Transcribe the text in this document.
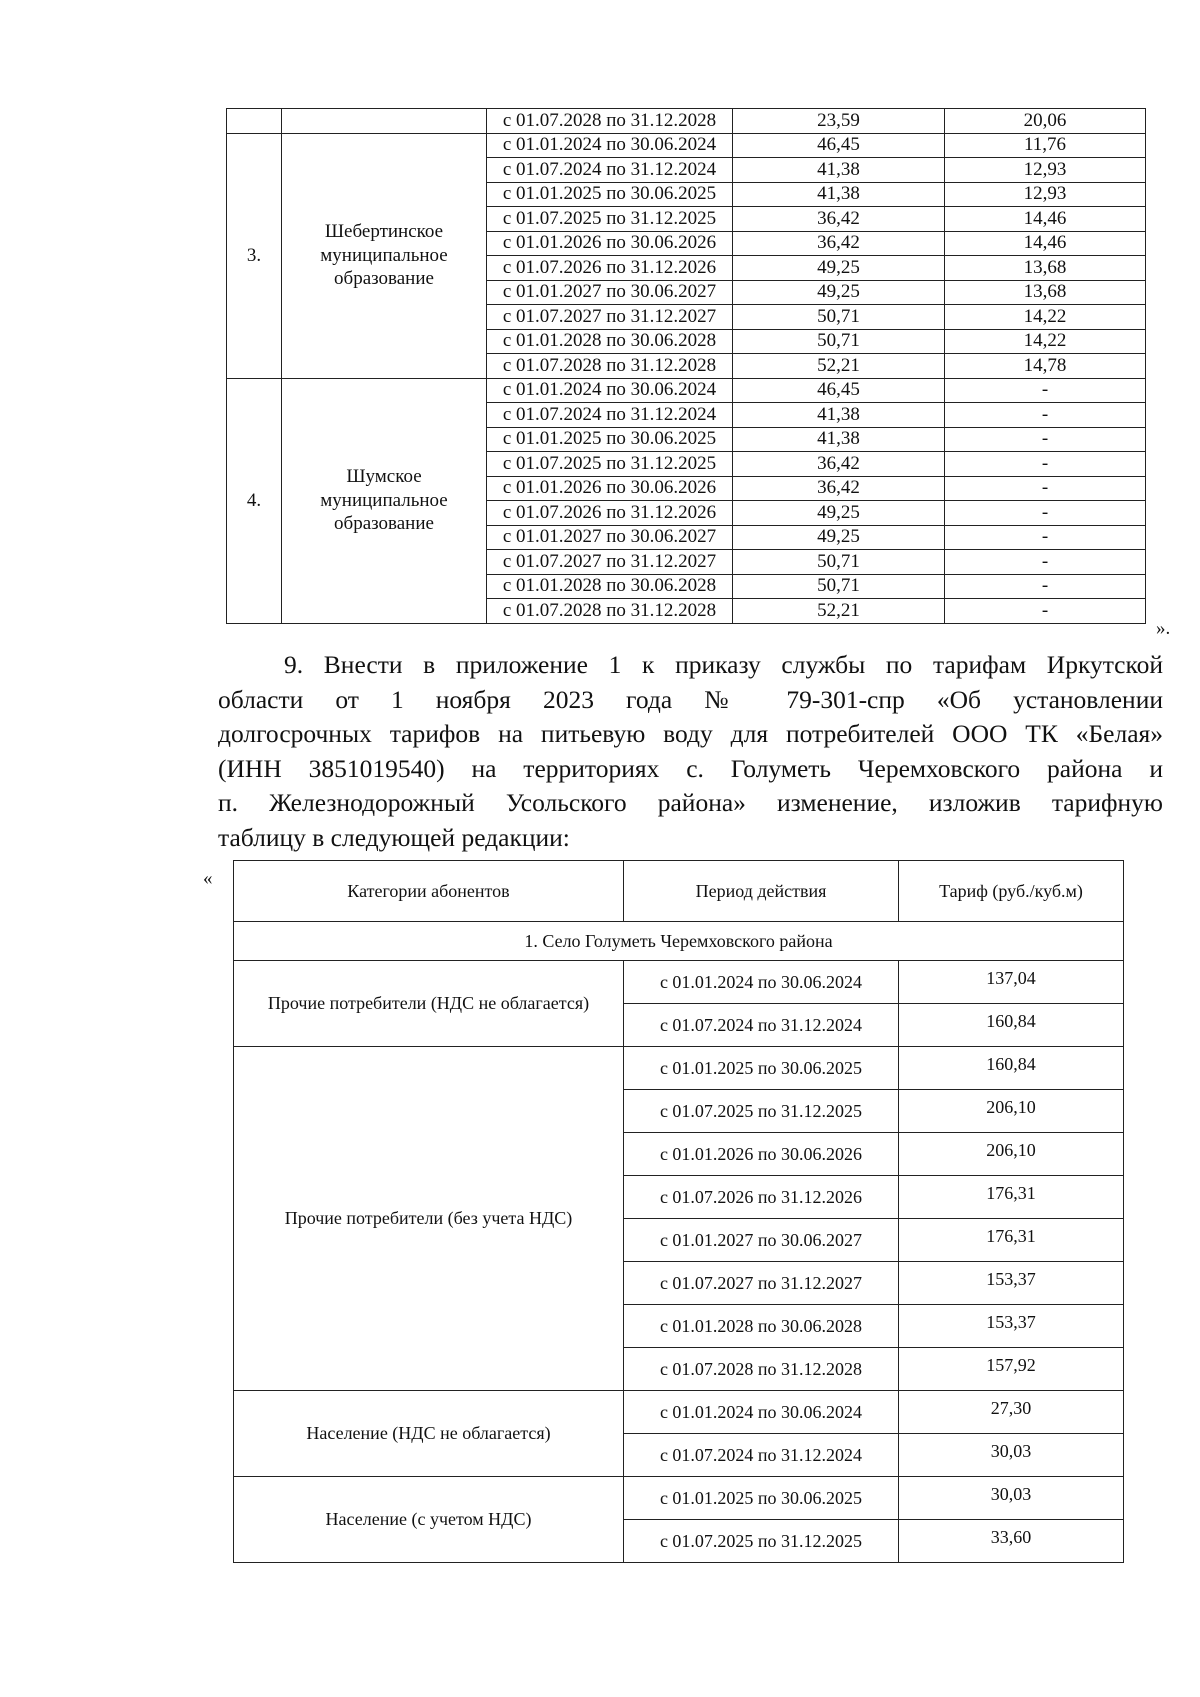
		с 01.07.2028 по 31.12.2028	23,59	20,06
3.	Шебертинское муниципальное образование	с 01.01.2024 по 30.06.2024	46,45	11,76
		с 01.07.2024 по 31.12.2024	41,38	12,93
		с 01.01.2025 по 30.06.2025	41,38	12,93
		с 01.07.2025 по 31.12.2025	36,42	14,46
		с 01.01.2026 по 30.06.2026	36,42	14,46
		с 01.07.2026 по 31.12.2026	49,25	13,68
		с 01.01.2027 по 30.06.2027	49,25	13,68
		с 01.07.2027 по 31.12.2027	50,71	14,22
		с 01.01.2028 по 30.06.2028	50,71	14,22
		с 01.07.2028 по 31.12.2028	52,21	14,78
4.	Шумское муниципальное образование	с 01.01.2024 по 30.06.2024	46,45	-
		с 01.07.2024 по 31.12.2024	41,38	-
		с 01.01.2025 по 30.06.2025	41,38	-
		с 01.07.2025 по 31.12.2025	36,42	-
		с 01.01.2026 по 30.06.2026	36,42	-
		с 01.07.2026 по 31.12.2026	49,25	-
		с 01.01.2027 по 30.06.2027	49,25	-
		с 01.07.2027 по 31.12.2027	50,71	-
		с 01.01.2028 по 30.06.2028	50,71	-
		с 01.07.2028 по 31.12.2028	52,21	-
».
9. Внести в приложение 1 к приказу службы по тарифам Иркутской
области от 1 ноября 2023 года № 79-301-спр «Об установлении
долгосрочных тарифов на питьевую воду для потребителей ООО ТК «Белая»
(ИНН 3851019540) на территориях с. Голуметь Черемховского района и
п. Железнодорожный Усольского района» изменение, изложив тарифную
таблицу в следующей редакции:
«
Категории абонентов	Период действия	Тариф (руб./куб.м)
1. Село Голуметь Черемховского района		
Прочие потребители (НДС не облагается)	с 01.01.2024 по 30.06.2024	137,04
	с 01.07.2024 по 31.12.2024	160,84
Прочие потребители (без учета НДС)	с 01.01.2025 по 30.06.2025	160,84
	с 01.07.2025 по 31.12.2025	206,10
	с 01.01.2026 по 30.06.2026	206,10
	с 01.07.2026 по 31.12.2026	176,31
	с 01.01.2027 по 30.06.2027	176,31
	с 01.07.2027 по 31.12.2027	153,37
	с 01.01.2028 по 30.06.2028	153,37
	с 01.07.2028 по 31.12.2028	157,92
Население (НДС не облагается)	с 01.01.2024 по 30.06.2024	27,30
	с 01.07.2024 по 31.12.2024	30,03
Население (с учетом НДС)	с 01.01.2025 по 30.06.2025	30,03
	с 01.07.2025 по 31.12.2025	33,60
